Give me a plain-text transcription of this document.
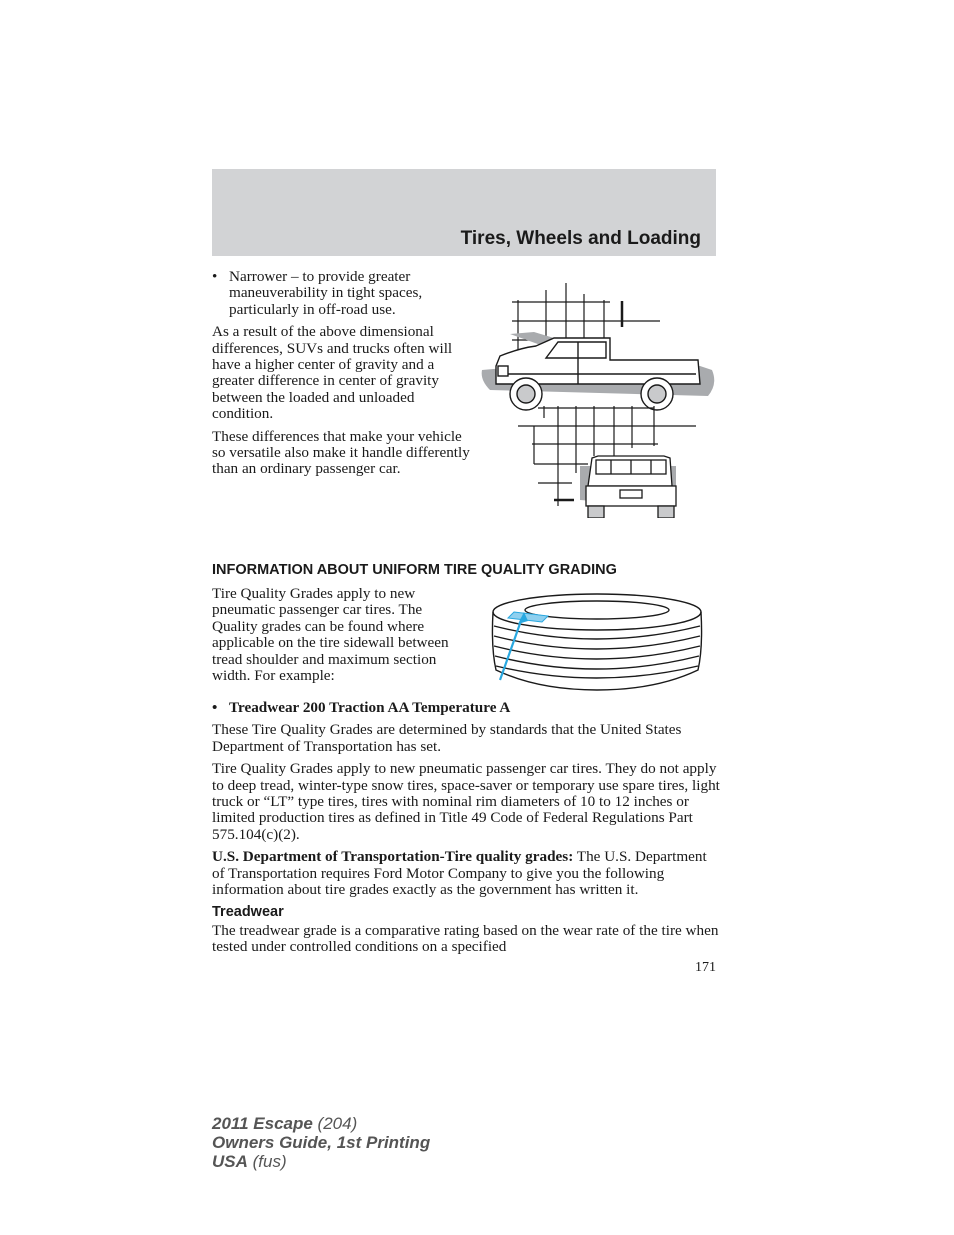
Tires, Wheels and Loading

• Narrower – to provide greater maneuverability in tight spaces, particularly in off-road use.

As a result of the above dimensional differences, SUVs and trucks often will have a higher center of gravity and a greater difference in center of gravity between the loaded and unloaded condition.

These differences that make your vehicle so versatile also make it handle differently than an ordinary passenger car.

INFORMATION ABOUT UNIFORM TIRE QUALITY GRADING

Tire Quality Grades apply to new pneumatic passenger car tires. The Quality grades can be found where applicable on the tire sidewall between tread shoulder and maximum section width. For example:

• Treadwear 200 Traction AA Temperature A

These Tire Quality Grades are determined by standards that the United States Department of Transportation has set.

Tire Quality Grades apply to new pneumatic passenger car tires. They do not apply to deep tread, winter-type snow tires, space-saver or temporary use spare tires, light truck or “LT” type tires, tires with nominal rim diameters of 10 to 12 inches or limited production tires as defined in Title 49 Code of Federal Regulations Part 575.104(c)(2).

U.S. Department of Transportation-Tire quality grades: The U.S. Department of Transportation requires Ford Motor Company to give you the following information about tire grades exactly as the government has written it.

Treadwear

The treadwear grade is a comparative rating based on the wear rate of the tire when tested under controlled conditions on a specified

171
2011 Escape (204)
Owners Guide, 1st Printing
USA (fus)
